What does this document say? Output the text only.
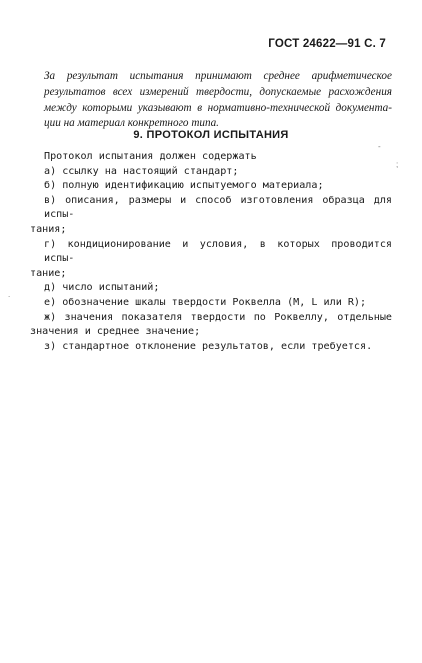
ГОСТ 24622—91 С. 7
За результат испытания принимают среднее арифметическое
результатов всех измерений твердости, допускаемые расхождения
между которыми указывают в нормативно-технической документа-
ции на материал конкретного типа.
9. ПРОТОКОЛ ИСПЫТАНИЯ
Протокол испытания должен содержать
а) ссылку на настоящий стандарт;
б) полную идентификацию испытуемого материала;
в) описания, размеры и способ изготовления образца для испы-
тания;
г) кондиционирование и условия, в которых проводится испы-
тание;
д) число испытаний;
е) обозначение шкалы твердости Роквелла (M, L или R);
ж) значения показателя твердости по Роквеллу, отдельные
значения и среднее значение;
з) стандартное отклонение результатов, если требуется.
-
;
.
